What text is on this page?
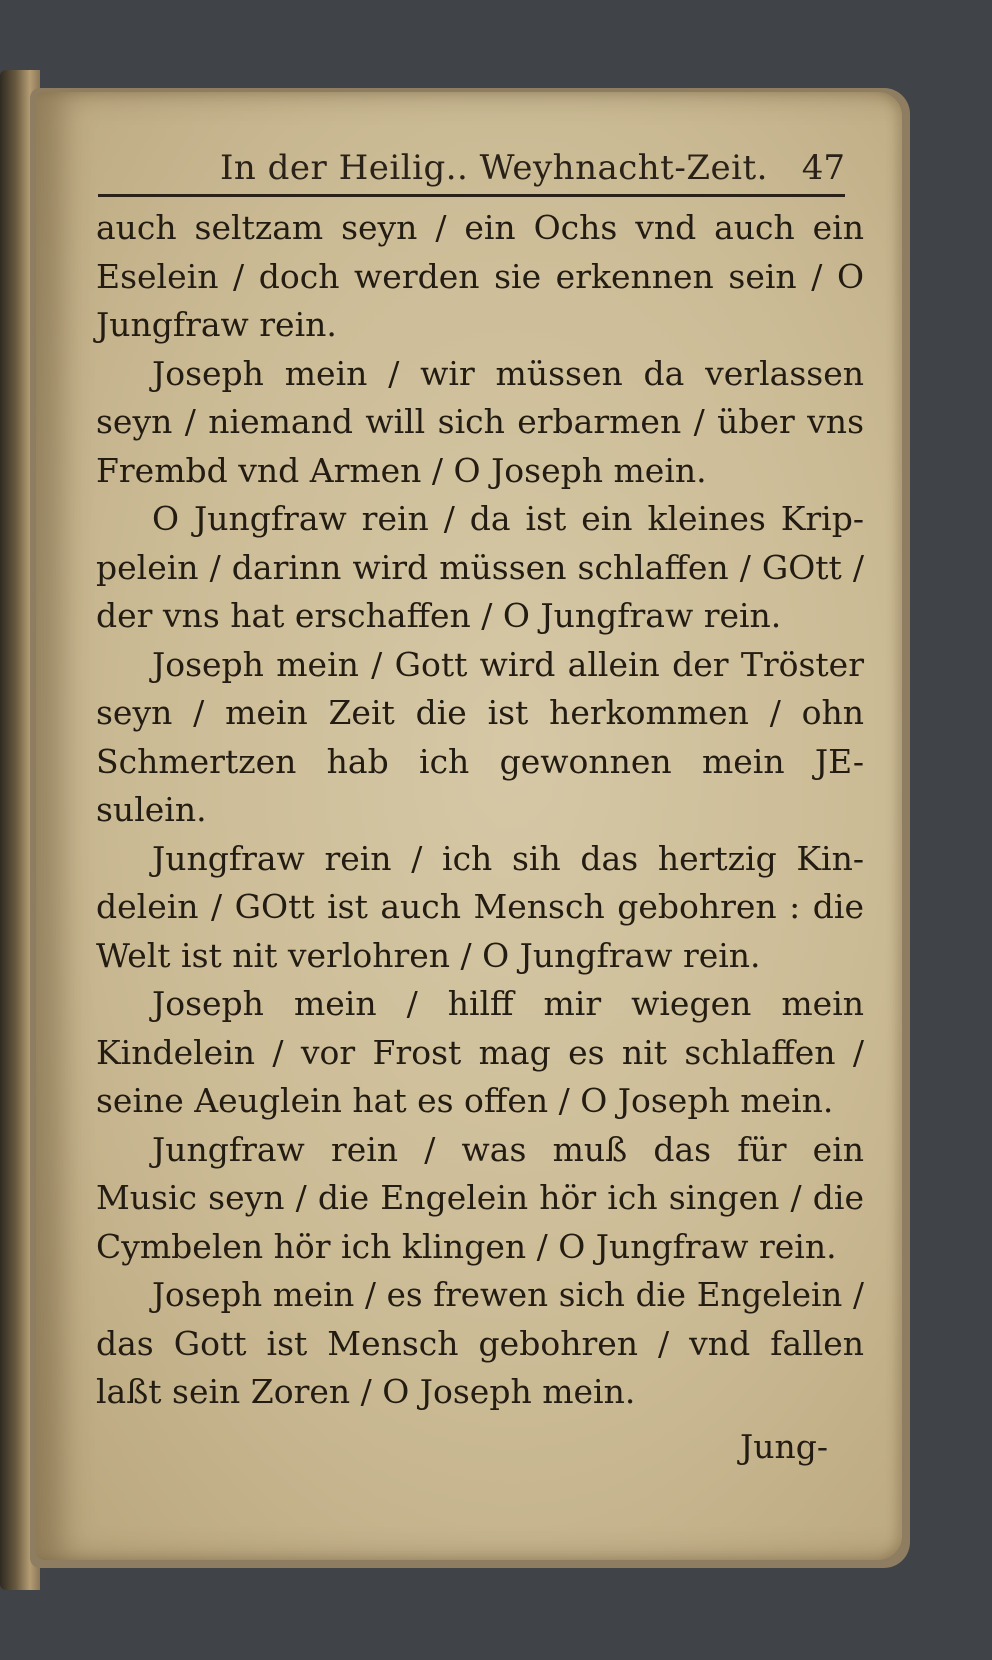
In der Heilig.. Weyhnacht-Zeit. 47
auch seltzam seyn / ein Ochs vnd auch ein
Eselein / doch werden sie erkennen sein / O
Jungfraw rein.
Joseph mein / wir müssen da verlassen
seyn / niemand will sich erbarmen / über vns
Frembd vnd Armen / O Joseph mein.
O Jungfraw rein / da ist ein kleines Krip-
pelein / darinn wird müssen schlaffen / GOtt /
der vns hat erschaffen / O Jungfraw rein.
Joseph mein / Gott wird allein der Tröster
seyn / mein Zeit die ist herkommen / ohn
Schmertzen hab ich gewonnen mein JE-
sulein.
Jungfraw rein / ich sih das hertzig Kin-
delein / GOtt ist auch Mensch gebohren : die
Welt ist nit verlohren / O Jungfraw rein.
Joseph mein / hilff mir wiegen mein
Kindelein / vor Frost mag es nit schlaffen /
seine Aeuglein hat es offen / O Joseph mein.
Jungfraw rein / was muß das für ein
Music seyn / die Engelein hör ich singen / die
Cymbelen hör ich klingen / O Jungfraw rein.
Joseph mein / es frewen sich die Engelein /
das Gott ist Mensch gebohren / vnd fallen
laßt sein Zoren / O Joseph mein.
Jung-
